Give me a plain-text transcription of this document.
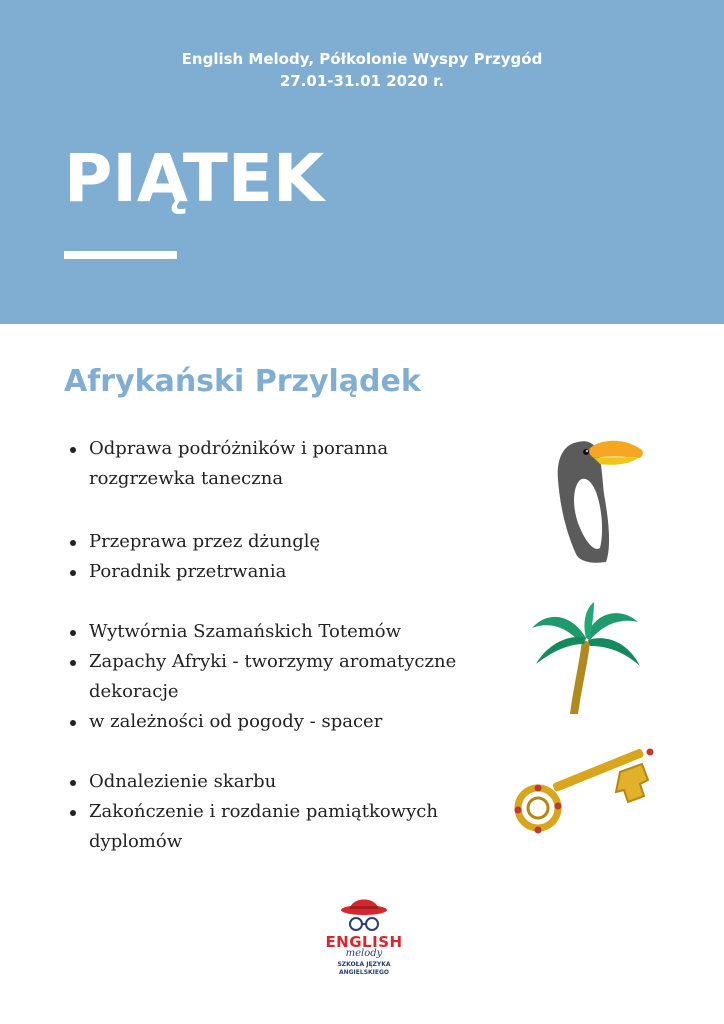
English Melody, Półkolonie Wyspy Przygód
27.01-31.01 2020 r.
PIĄTEK
Afrykański Przylądek
Odprawa podróżników i poranna
rozgrzewka taneczna
Przeprawa przez dżunglę
Poradnik przetrwania
Wytwórnia Szamańskich Totemów
Zapachy Afryki - tworzymy aromatyczne
dekoracje
w zależności od pogody - spacer
Odnalezienie skarbu
Zakończenie i rozdanie pamiątkowych
dyplomów
ENGLISH
melody
SZKOŁA JĘZYKA ANGIELSKIEGO
